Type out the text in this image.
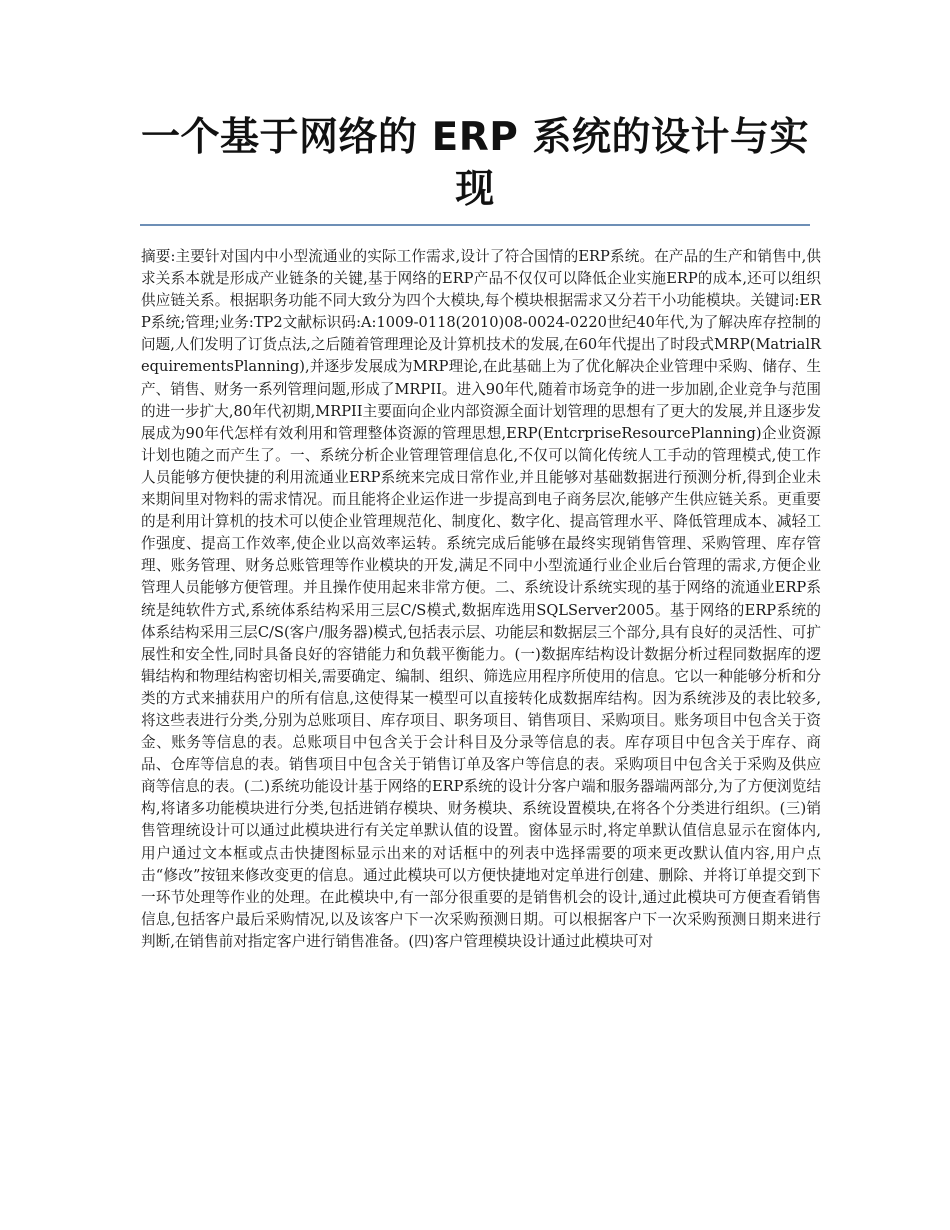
一个基于网络的 ERP 系统的设计与实现

摘要:主要针对国内中小型流通业的实际工作需求,设计了符合国情的ERP系统。在产品的生产和销售中,供求关系本就是形成产业链条的关键,基于网络的ERP产品不仅仅可以降低企业实施ERP的成本,还可以组织供应链关系。根据职务功能不同大致分为四个大模块,每个模块根据需求又分若干小功能模块。关键词:ERP系统;管理;业务:TP2文献标识码:A:1009-0118(2010)08-0024-0220世纪40年代,为了解决库存控制的问题,人们发明了订货点法,之后随着管理理论及计算机技术的发展,在60年代提出了时段式MRP(MatrialRequirementsPlanning),并逐步发展成为MRP理论,在此基础上为了优化解决企业管理中采购、储存、生产、销售、财务一系列管理问题,形成了MRPII。进入90年代,随着市场竞争的进一步加剧,企业竞争与范围的进一步扩大,80年代初期,MRPII主要面向企业内部资源全面计划管理的思想有了更大的发展,并且逐步发展成为90年代怎样有效利用和管理整体资源的管理思想,ERP(EntcrpriseResourcePlanning)企业资源计划也随之而产生了。一、系统分析企业管理管理信息化,不仅可以简化传统人工手动的管理模式,使工作人员能够方便快捷的利用流通业ERP系统来完成日常作业,并且能够对基础数据进行预测分析,得到企业未来期间里对物料的需求情况。而且能将企业运作进一步提高到电子商务层次,能够产生供应链关系。更重要的是利用计算机的技术可以使企业管理规范化、制度化、数字化、提高管理水平、降低管理成本、减轻工作强度、提高工作效率,使企业以高效率运转。系统完成后能够在最终实现销售管理、采购管理、库存管理、账务管理、财务总账管理等作业模块的开发,满足不同中小型流通行业企业后台管理的需求,方便企业管理人员能够方便管理。并且操作使用起来非常方便。二、系统设计系统实现的基于网络的流通业ERP系统是纯软件方式,系统体系结构采用三层C/S模式,数据库选用SQLServer2005。基于网络的ERP系统的体系结构采用三层C/S(客户/服务器)模式,包括表示层、功能层和数据层三个部分,具有良好的灵活性、可扩展性和安全性,同时具备良好的容错能力和负载平衡能力。(一)数据库结构设计数据分析过程同数据库的逻辑结构和物理结构密切相关,需要确定、编制、组织、筛选应用程序所使用的信息。它以一种能够分析和分类的方式来捕获用户的所有信息,这使得某一模型可以直接转化成数据库结构。因为系统涉及的表比较多,将这些表进行分类,分别为总账项目、库存项目、职务项目、销售项目、采购项目。账务项目中包含关于资金、账务等信息的表。总账项目中包含关于会计科目及分录等信息的表。库存项目中包含关于库存、商品、仓库等信息的表。销售项目中包含关于销售订单及客户等信息的表。采购项目中包含关于采购及供应商等信息的表。(二)系统功能设计基于网络的ERP系统的设计分客户端和服务器端两部分,为了方便浏览结构,将诸多功能模块进行分类,包括进销存模块、财务模块、系统设置模块,在将各个分类进行组织。(三)销售管理统设计可以通过此模块进行有关定单默认值的设置。窗体显示时,将定单默认值信息显示在窗体内,用户通过文本框或点击快捷图标显示出来的对话框中的列表中选择需要的项来更改默认值内容,用户点击“修改”按钮来修改变更的信息。通过此模块可以方便快捷地对定单进行创建、删除、并将订单提交到下一环节处理等作业的处理。在此模块中,有一部分很重要的是销售机会的设计,通过此模块可方便查看销售信息,包括客户最后采购情况,以及该客户下一次采购预测日期。可以根据客户下一次采购预测日期来进行判断,在销售前对指定客户进行销售准备。(四)客户管理模块设计通过此模块可对
